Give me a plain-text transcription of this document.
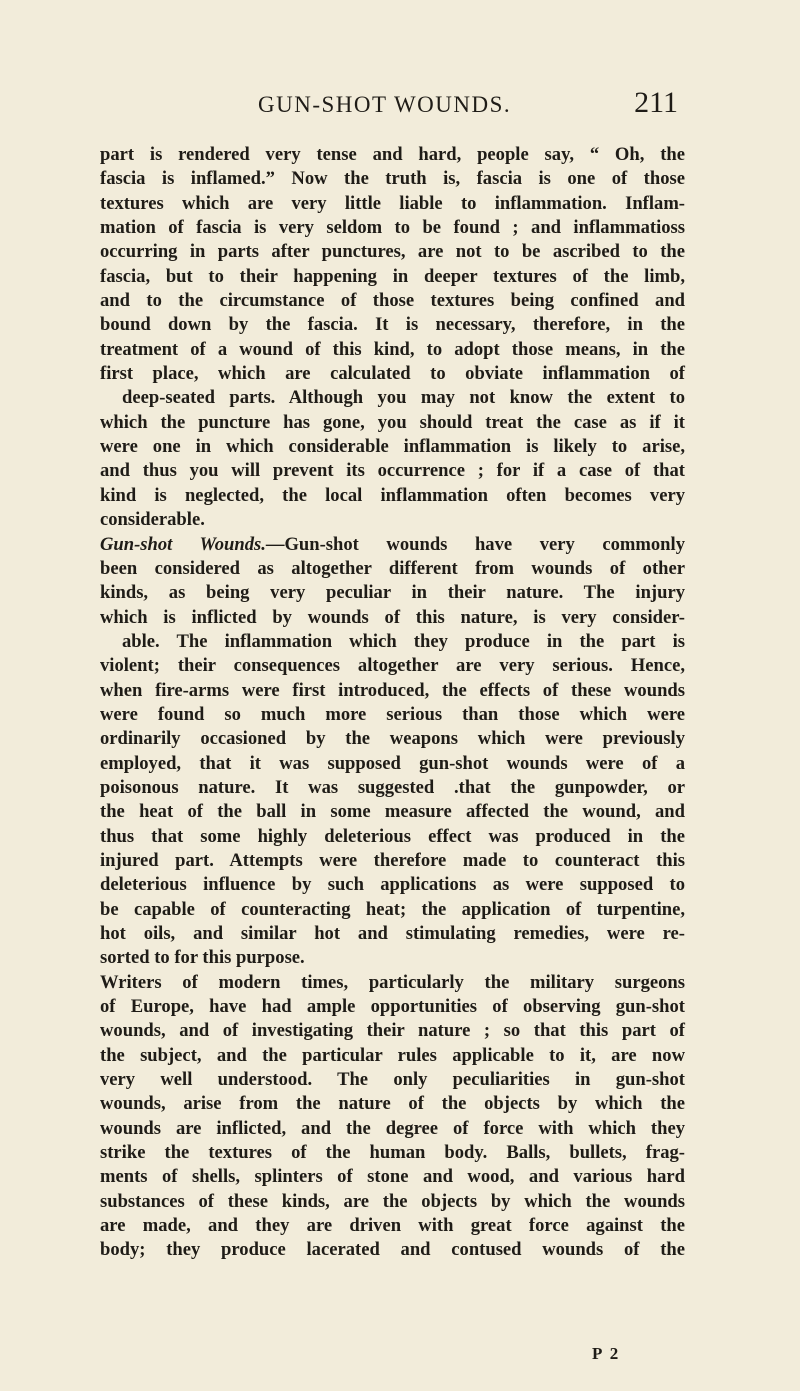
GUN-SHOT WOUNDS.	211
part is rendered very tense and hard, people say, “ Oh, the
fascia is inflamed.” Now the truth is, fascia is one of those
textures which are very little liable to inflammation. Inflam-
mation of fascia is very seldom to be found ; and inflammatioss
occurring in parts after punctures, are not to be ascribed to the
fascia, but to their happening in deeper textures of the limb,
and to the circumstance of those textures being confined and
bound down by the fascia. It is necessary, therefore, in the
treatment of a wound of this kind, to adopt those means, in the
first place, which are calculated to obviate inflammation of
deep-seated parts. Although you may not know the extent to
which the puncture has gone, you should treat the case as if it
were one in which considerable inflammation is likely to arise,
and thus you will prevent its occurrence ; for if a case of that
kind is neglected, the local inflammation often becomes very
considerable.
Gun-shot Wounds.—Gun-shot wounds have very commonly
been considered as altogether different from wounds of other
kinds, as being very peculiar in their nature. The injury
which is inflicted by wounds of this nature, is very consider-
able. The inflammation which they produce in the part is
violent; their consequences altogether are very serious. Hence,
when fire-arms were first introduced, the effects of these wounds
were found so much more serious than those which were
ordinarily occasioned by the weapons which were previously
employed, that it was supposed gun-shot wounds were of a
poisonous nature. It was suggested .that the gunpowder, or
the heat of the ball in some measure affected the wound, and
thus that some highly deleterious effect was produced in the
injured part. Attempts were therefore made to counteract this
deleterious influence by such applications as were supposed to
be capable of counteracting heat; the application of turpentine,
hot oils, and similar hot and stimulating remedies, were re-
sorted to for this purpose.
Writers of modern times, particularly the military surgeons
of Europe, have had ample opportunities of observing gun-shot
wounds, and of investigating their nature ; so that this part of
the subject, and the particular rules applicable to it, are now
very well understood. The only peculiarities in gun-shot
wounds, arise from the nature of the objects by which the
wounds are inflicted, and the degree of force with which they
strike the textures of the human body. Balls, bullets, frag-
ments of shells, splinters of stone and wood, and various hard
substances of these kinds, are the objects by which the wounds
are made, and they are driven with great force against the
body; they produce lacerated and contused wounds of the
P 2
